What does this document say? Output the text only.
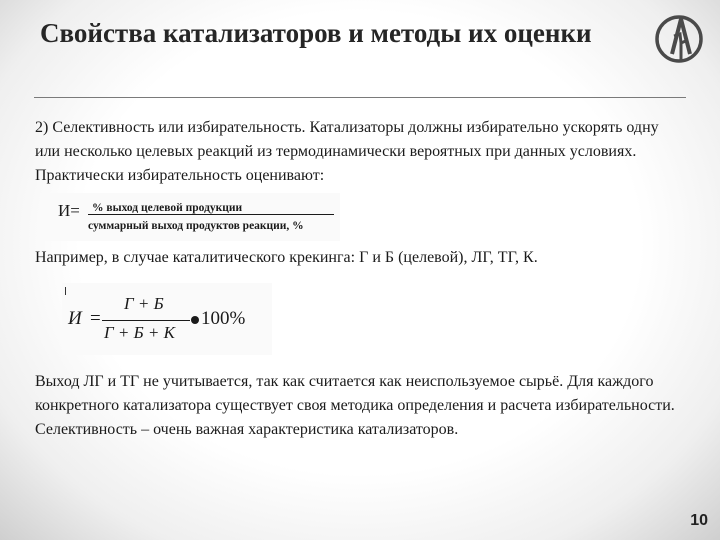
Свойства катализаторов и методы их оценки
2) Селективность или избирательность. Катализаторы должны избирательно ускорять одну или несколько целевых реакций из термодинамически вероятных при данных условиях. Практически избирательность оценивают:
И=	% выход целевой продукции
суммарный выход продуктов реакции, %
Например, в случае каталитического крекинга: Г и Б (целевой), ЛГ, ТГ, К.
И =
Г + Б
Г + Б + К
100%
Выход ЛГ и ТГ не учитывается, так как считается как неиспользуемое сырьё. Для каждого конкретного катализатора существует своя методика определения и расчета избирательности. Селективность – очень важная характеристика катализаторов.
10
